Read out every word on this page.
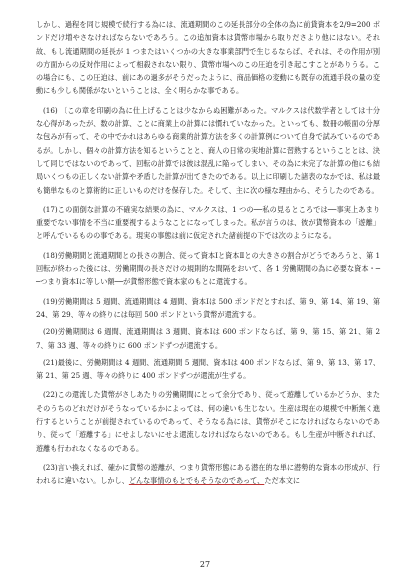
しかし、過程を同じ規模で続行する為には、流通期間のこの延長部分の全体の為に前貸資本を2/9=200 ポンドだけ増やさなければならないであろう。この追加資本は貨幣市場から取りださより他にはない。それ故、もし流通期間の延長が 1 つまたはいくつかの大きな事業部門で生じるならば、それは、その作用が別の方面からの反対作用によって相殺されない限り、貨幣市場へのこの圧迫を引き起こすことがありうる。この場合にも、この圧迫は、前にあの過多がそうだったように、商品価格の変動にも既存の流通手段の量の変動にも少しも関係がないということは、全く明らかな事である。

(16) 〔この章を印刷の為に仕上げることは少なからぬ困難があった。マルクスは代数学者としては十分な心得があったが、数の計算、ことに商業上の計算には慣れていなかった。といっても、数冊の帳面の分厚な包みが有って、その中でかれはあらゆる商業的計算方法を多くの計算例について自身で試みているのであるが。しかし、個々の計算方法を知るということと、商人の日常の実地計算に習熟するということとは、決して同じではないのであって、回転の計算では彼は混乱に陥ってしまい、その為に未完了な計算の他にも結局いくつもの正しくない計算や矛盾した計算が出てきたのである。以上に印刷した諸表のなかでは、私は最も簡単なものと算術的に正しいものだけを保存した。そして、主に次の様な理由から、そうしたのである。

(17)この面倒な計算の不確実な結果の為に、マルクスは、1 つの──私の見るところでは──事実上あまり重要でない事情を不当に重要視するようなことになってしまった。私が言うのは、彼が貨幣資本の「遊離」と呼んでいるものの事である。現実の事態は前に仮定された諸前提の下では次のようになる。

(18)労働期間と流通期間との長さの割合、従って資本Ⅰと資本Ⅱとの大きさの割合がどうであろうと、第 1 回転が終わった後には、労働期間の長さだけの規則的な間隔をおいて、各 1 労働期間の為に必要な資本・──つまり資本Ⅰに等しい額──が貨幣形態で資本家のもとに還流する。

(19)労働期間は 5 週間、流通期間は 4 週間、資本Ⅰは 500 ポンドだとすれば、第 9、第 14、第 19、第 24、第 29、等々の終りには毎回 500 ポンドという貨幣が還流する。

(20)労働期間は 6 週間、流通期間は 3 週間、資本Ⅰは 600 ポンドならば、第 9、第 15、第 21、第 27、第 33 週、等々の終りに 600 ポンドずつが還流する。

(21)最後に、労働期間は 4 週間、流通期間 5 週間、資本Ⅰは 400 ポンドならば、第 9、第 13、第 17、第 21、第 25 週、等々の終りに 400 ポンドずつが還流が生ずる。

(22)この還流した貨幣がさしあたりの労働期間にとって余分であり、従って遊離しているかどうか、またそのうちのどれだけがそうなっているかによっては、何の違いも生じない。生産は現在の規模で中断無く進行するということが前提されているのであって、そうなる為には、貨幣がそこになければならないのであり、従って「遊離する」にせよしないにせよ還流しなければならないのである。もし生産が中断されれば、遊離も行われなくなるのである。

(23)言い換えれば、確かに貨幣の遊離が、つまり貨幣形態にある潜在的な単に潜勢的な資本の形成が、行われるに違いない。しかし、どんな事情のもとでもそうなのであって、ただ本文に

27
